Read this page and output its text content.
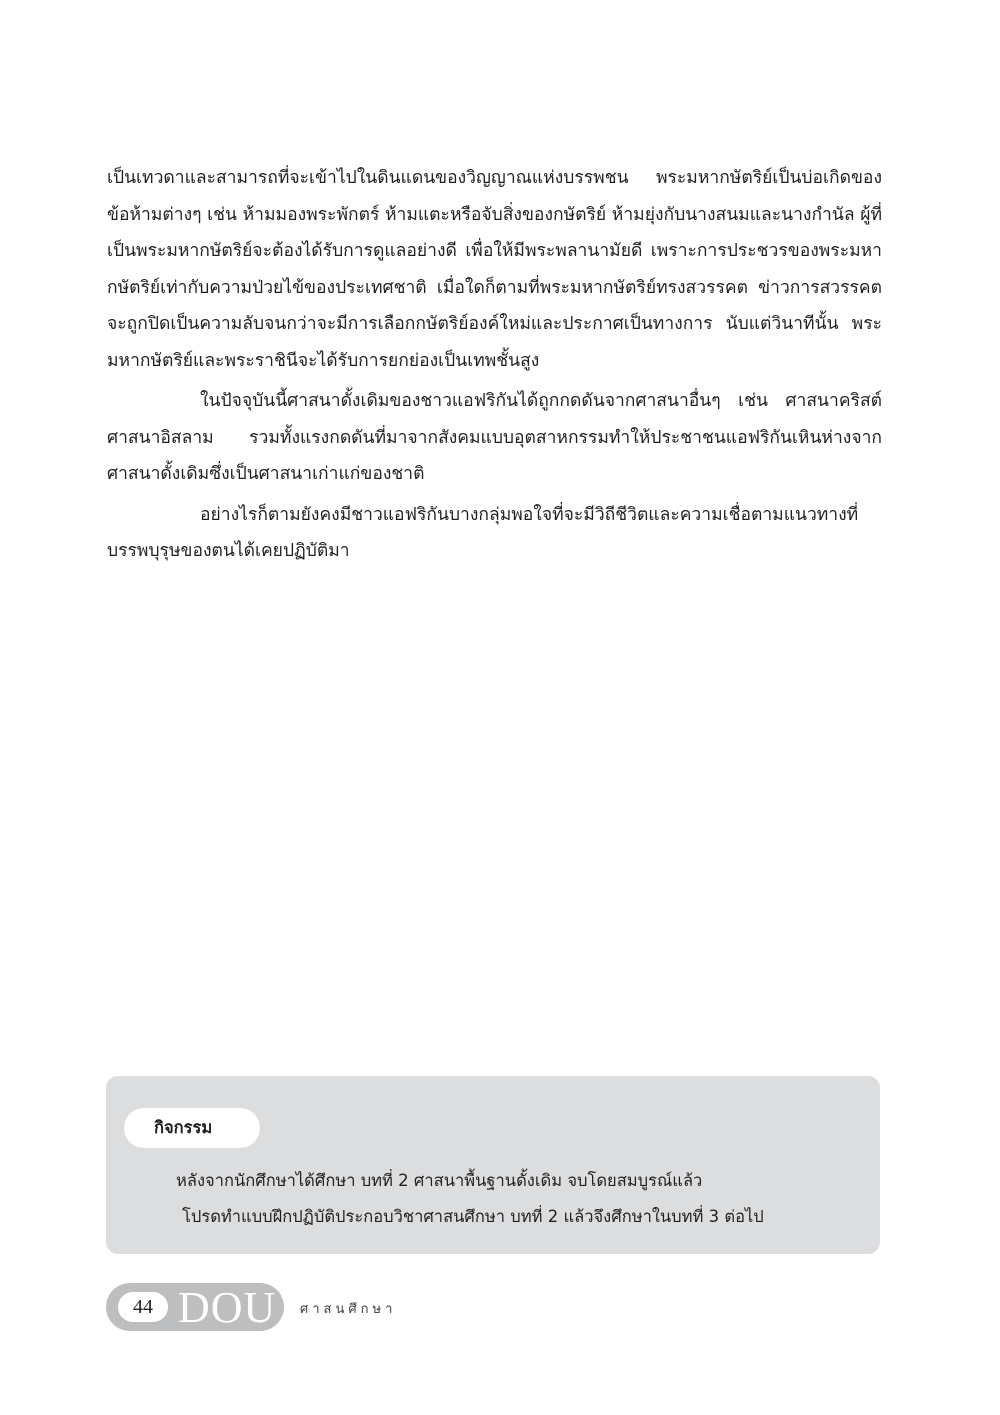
เป็นเทวดาและสามารถที่จะเข้าไปในดินแดนของวิญญาณแห่งบรรพชน พระมหากษัตริย์เป็นบ่อเกิดของข้อห้ามต่างๆ เช่น ห้ามมองพระพักตร์ ห้ามแตะหรือจับสิ่งของกษัตริย์ ห้ามยุ่งกับนางสนมและนางกำนัล ผู้ที่เป็นพระมหากษัตริย์จะต้องได้รับการดูแลอย่างดี เพื่อให้มีพระพลานามัยดี เพราะการประชวรของพระมหากษัตริย์เท่ากับความป่วยไข้ของประเทศชาติ เมื่อใดก็ตามที่พระมหากษัตริย์ทรงสวรรคต ข่าวการสวรรคตจะถูกปิดเป็นความลับจนกว่าจะมีการเลือกกษัตริย์องค์ใหม่และประกาศเป็นทางการ นับแต่วินาทีนั้น พระมหากษัตริย์และพระราชินีจะได้รับการยกย่องเป็นเทพชั้นสูง

ในปัจจุบันนี้ศาสนาดั้งเดิมของชาวแอฟริกันได้ถูกกดดันจากศาสนาอื่นๆ เช่น ศาสนาคริสต์ ศาสนาอิสลาม รวมทั้งแรงกดดันที่มาจากสังคมแบบอุตสาหกรรมทำให้ประชาชนแอฟริกันเหินห่างจากศาสนาดั้งเดิมซึ่งเป็นศาสนาเก่าแก่ของชาติ

อย่างไรก็ตามยังคงมีชาวแอฟริกันบางกลุ่มพอใจที่จะมีวิถีชีวิตและความเชื่อตามแนวทางที่บรรพบุรุษของตนได้เคยปฏิบัติมา

กิจกรรม
หลังจากนักศึกษาได้ศึกษา บทที่ 2 ศาสนาพื้นฐานดั้งเดิม จบโดยสมบูรณ์แล้ว
โปรดทำแบบฝึกปฏิบัติประกอบวิชาศาสนศึกษา บทที่ 2 แล้วจึงศึกษาในบทที่ 3 ต่อไป
44 DOU ศาสนศึกษา
